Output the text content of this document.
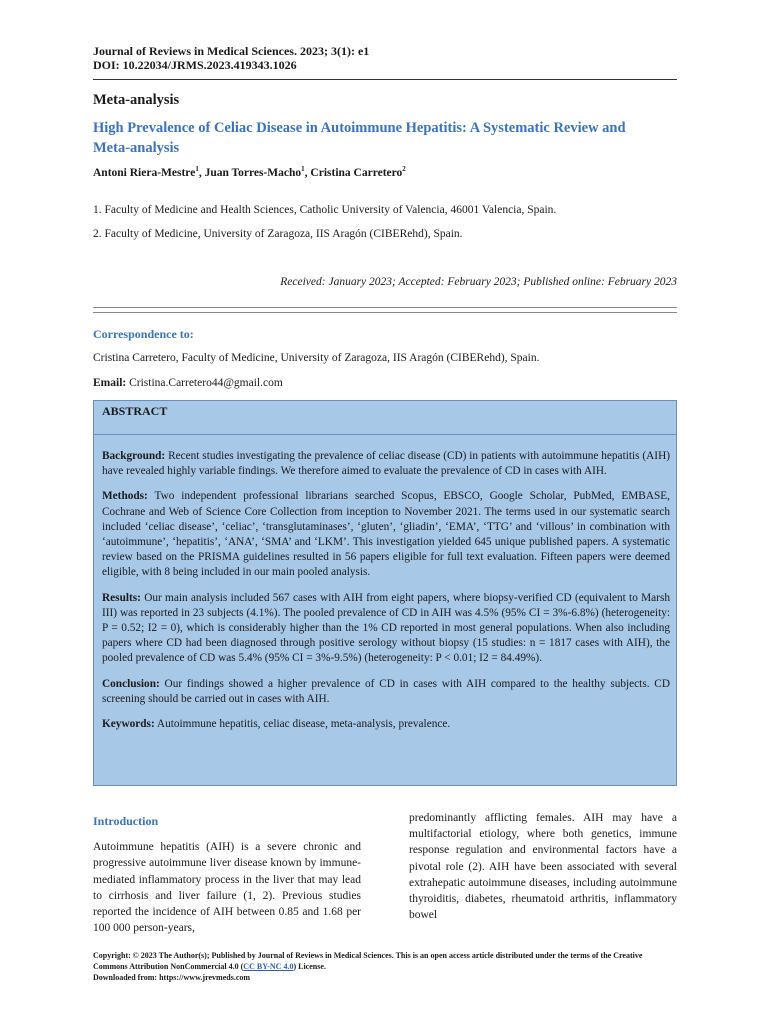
Journal of Reviews in Medical Sciences. 2023; 3(1): e1
DOI: 10.22034/JRMS.2023.419343.1026
Meta-analysis
High Prevalence of Celiac Disease in Autoimmune Hepatitis: A Systematic Review and
Meta-analysis
Antoni Riera-Mestre$^1$, Juan Torres-Macho$^1$, Cristina Carretero$^2$
1. Faculty of Medicine and Health Sciences, Catholic University of Valencia, 46001 Valencia, Spain.
2. Faculty of Medicine, University of Zaragoza, IIS Aragón (CIBERehd), Spain.
Received: January 2023; Accepted: February 2023; Published online: February 2023
Correspondence to:
Cristina Carretero, Faculty of Medicine, University of Zaragoza, IIS Aragón (CIBERehd), Spain.
Email: Cristina.Carretero44@gmail.com
ABSTRACT

Background: Recent studies investigating the prevalence of celiac disease (CD) in patients with autoimmune hepatitis (AIH) have revealed highly variable findings. We therefore aimed to evaluate the prevalence of CD in cases with AIH.

Methods: Two independent professional librarians searched Scopus, EBSCO, Google Scholar, PubMed, EMBASE, Cochrane and Web of Science Core Collection from inception to November 2021. The terms used in our systematic search included ‘celiac disease’, ‘celiac’, ‘transglutaminases’, ‘gluten’, ‘gliadin’, ‘EMA’, ‘TTG’ and ‘villous’ in combination with ‘autoimmune’, ‘hepatitis’, ‘ANA’, ‘SMA’ and ‘LKM’. This investigation yielded 645 unique published papers. A systematic review based on the PRISMA guidelines resulted in 56 papers eligible for full text evaluation. Fifteen papers were deemed eligible, with 8 being included in our main pooled analysis.

Results: Our main analysis included 567 cases with AIH from eight papers, where biopsy-verified CD (equivalent to Marsh III) was reported in 23 subjects (4.1%). The pooled prevalence of CD in AIH was 4.5% (95% CI = 3%-6.8%) (heterogeneity: P = 0.52; I2 = 0), which is considerably higher than the 1% CD reported in most general populations. When also including papers where CD had been diagnosed through positive serology without biopsy (15 studies: n = 1817 cases with AIH), the pooled prevalence of CD was 5.4% (95% CI = 3%-9.5%) (heterogeneity: P < 0.01; I2 = 84.49%).

Conclusion: Our findings showed a higher prevalence of CD in cases with AIH compared to the healthy subjects. CD screening should be carried out in cases with AIH.

Keywords: Autoimmune hepatitis, celiac disease, meta-analysis, prevalence.

Introduction
Autoimmune hepatitis (AIH) is a severe chronic and progressive autoimmune liver disease known by immune-mediated inflammatory process in the liver that may lead to cirrhosis and liver failure (1, 2). Previous studies reported the incidence of AIH between 0.85 and 1.68 per 100 000 person-years,
predominantly afflicting females. AIH may have a multifactorial etiology, where both genetics, immune response regulation and environmental factors have a pivotal role (2). AIH have been associated with several extrahepatic autoimmune diseases, including autoimmune thyroiditis, diabetes, rheumatoid arthritis, inflammatory bowel
Copyright: © 2023 The Author(s); Published by Journal of Reviews in Medical Sciences. This is an open access article distributed under the terms of the Creative Commons Attribution NonCommercial 4.0 (CC BY-NC 4.0) License.
Downloaded from: https://www.jrevmeds.com
